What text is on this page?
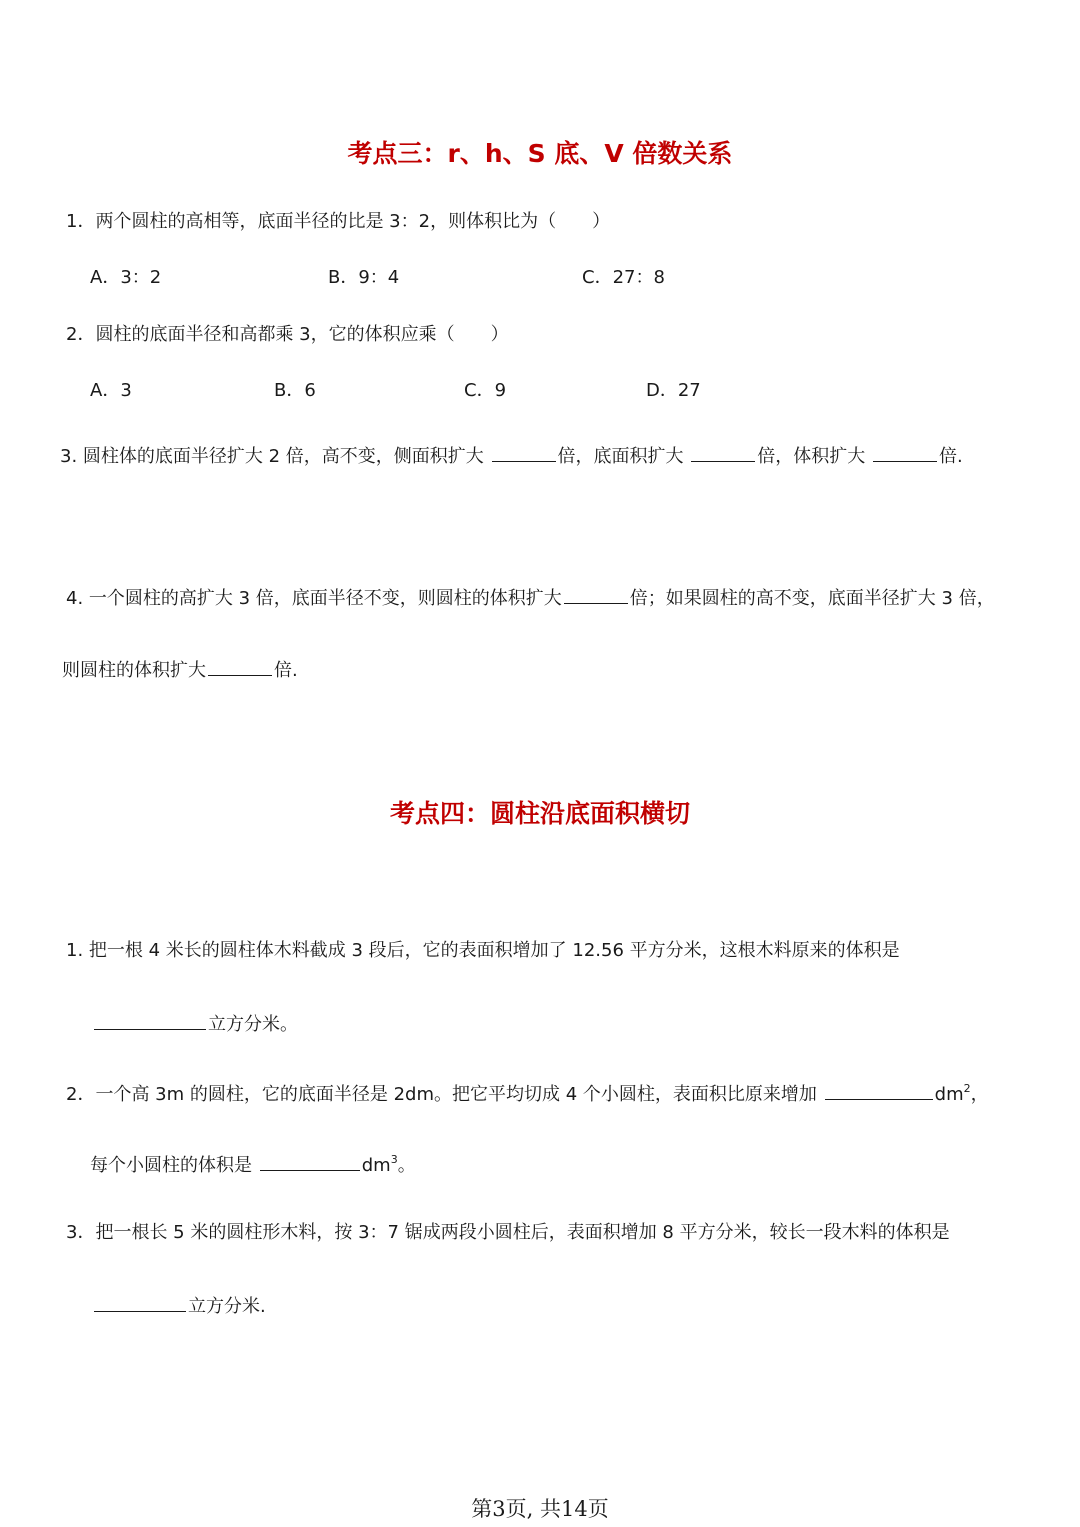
考点三：r、h、S 底、V 倍数关系
1．两个圆柱的高相等，底面半径的比是 3：2，则体积比为（　　）
A．3：2	B．9：4	C．27：8
2．圆柱的底面半径和高都乘 3，它的体积应乘（　　）
A．3	B．6	C．9	D．27
3. 圆柱体的底面半径扩大 2 倍，高不变，侧面积扩大	倍，底面积扩大	倍，体积扩大	倍.
4. 一个圆柱的高扩大 3 倍，底面半径不变，则圆柱的体积扩大	倍；如果圆柱的高不变，底面半径扩大 3 倍，
则圆柱的体积扩大	倍.
考点四：圆柱沿底面积横切
1. 把一根 4 米长的圆柱体木料截成 3 段后，它的表面积增加了 12.56 平方分米，这根木料原来的体积是
立方分米。
2．一个高 3m 的圆柱，它的底面半径是 2dm。把它平均切成 4 个小圆柱，表面积比原来增加	$dm^2$，
每个小圆柱的体积是	$dm^3$。
3．把一根长 5 米的圆柱形木料，按 3：7 锯成两段小圆柱后，表面积增加 8 平方分米，较长一段木料的体积是
立方分米.
第3页, 共14页
